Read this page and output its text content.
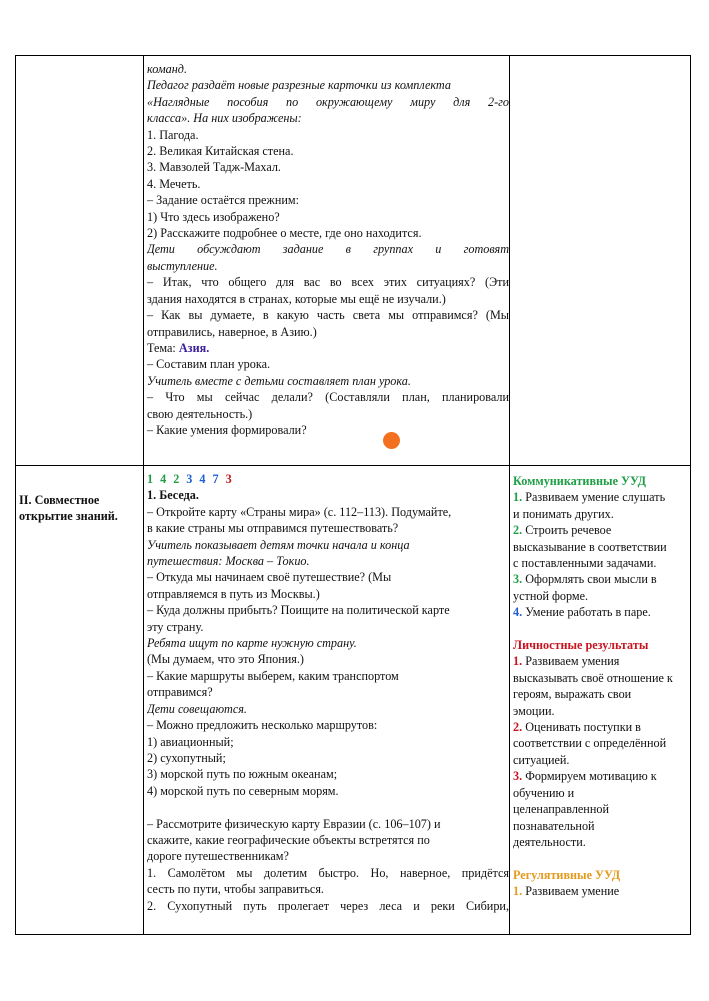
команд.
Педагог раздаёт новые разрезные карточки из комплекта
«Наглядные пособия по окружающему миру для 2-го
класса». На них изображены:
1. Пагода.
2. Великая Китайская стена.
3. Мавзолей Тадж-Махал.
4. Мечеть.
– Задание остаётся прежним:
1) Что здесь изображено?
2) Расскажите подробнее о месте, где оно находится.
Дети обсуждают задание в группах и готовят
выступление.
– Итак, что общего для вас во всех этих ситуациях? (Эти
здания находятся в странах, которые мы ещё не изучали.)
– Как вы думаете, в какую часть света мы отправимся? (Мы
отправились, наверное, в Азию.)
Тема: Азия.
– Составим план урока.
Учитель вместе с детьми составляет план урока.
– Что мы сейчас делали? (Составляли план, планировали
свою деятельность.)
– Какие умения формировали?
II. Совместное
открытие знаний.
1 4 2 3 4 7 3
1. Беседа.
– Откройте карту «Страны мира» (с. 112–113). Подумайте,
в какие страны мы отправимся путешествовать?
Учитель показывает детям точки начала и конца
путешествия: Москва – Токио.
– Откуда мы начинаем своё путешествие? (Мы
отправляемся в путь из Москвы.)
– Куда должны прибыть? Поищите на политической карте
эту страну.
Ребята ищут по карте нужную страну.
(Мы думаем, что это Япония.)
– Какие маршруты выберем, каким транспортом
отправимся?
Дети совещаются.
– Можно предложить несколько маршрутов:
1) авиационный;
2) сухопутный;
3) морской путь по южным океанам;
4) морской путь по северным морям.
– Рассмотрите физическую карту Евразии (с. 106–107) и
скажите, какие географические объекты встретятся по
дороге путешественникам?
1. Самолётом мы долетим быстро. Но, наверное, придётся
сесть по пути, чтобы заправиться.
2. Сухопутный путь пролегает через леса и реки Сибири,
Коммуникативные УУД
1. Развиваем умение слушать
и понимать других.
2. Строить речевое
высказывание в соответствии
с поставленными задачами.
3. Оформлять свои мысли в
устной форме.
4. Умение работать в паре.
Личностные результаты
1. Развиваем умения
высказывать своё отношение к
героям, выражать свои
эмоции.
2. Оценивать поступки в
соответствии с определённой
ситуацией.
3. Формируем мотивацию к
обучению и
целенаправленной
познавательной
деятельности.
Регулятивные УУД
1. Развиваем умение
